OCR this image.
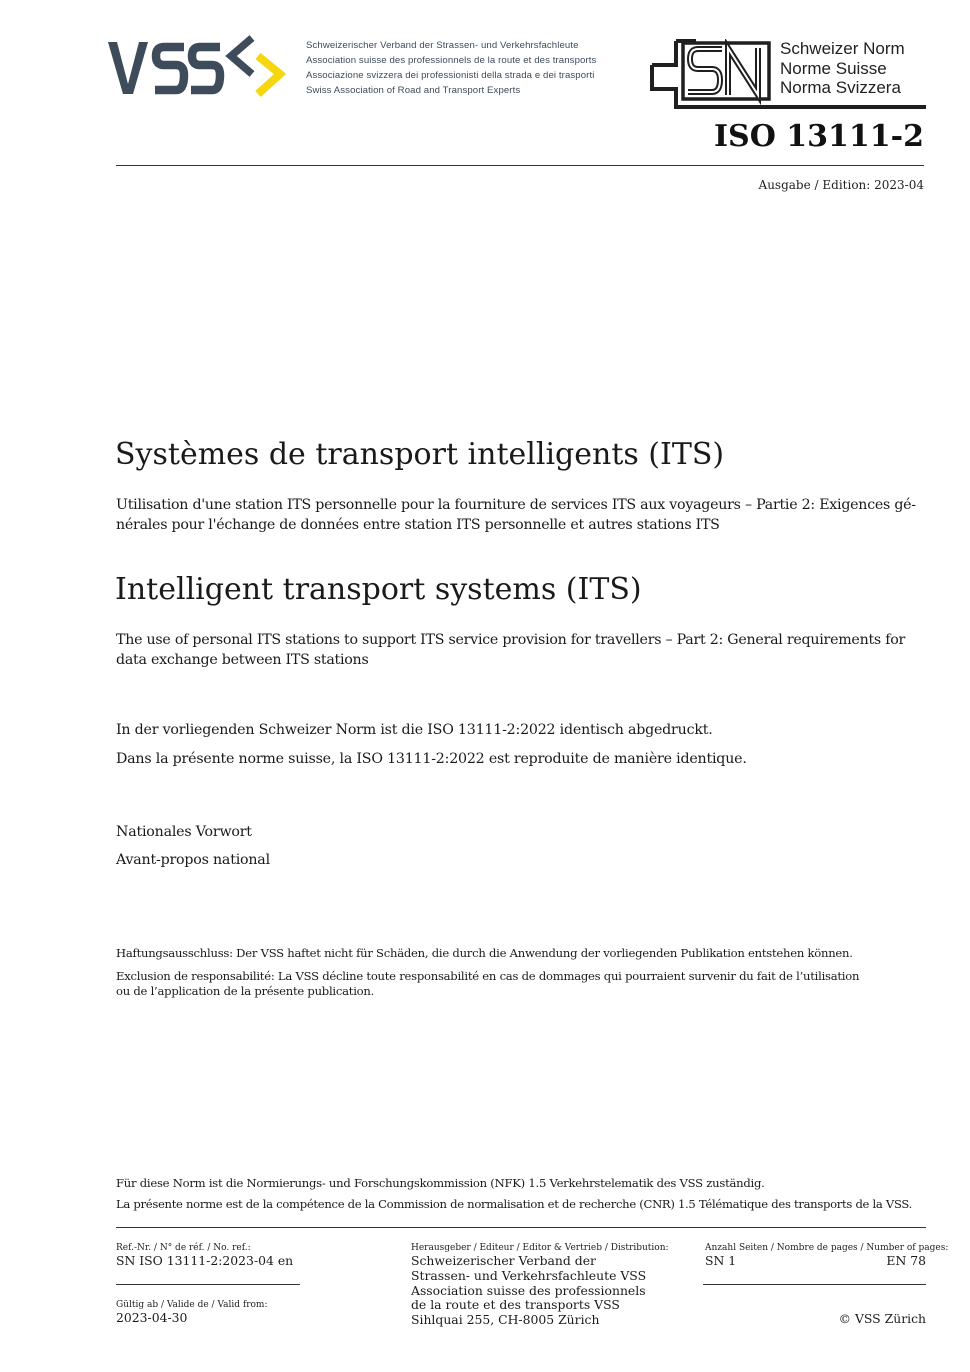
Schweizerischer Verband der Strassen- und Verkehrsfachleute
Association suisse des professionnels de la route et des transports
Associazione svizzera dei professionisti della strada e dei trasporti
Swiss Association of Road and Transport Experts
Schweizer Norm
Norme Suisse
Norma Svizzera
ISO 13111-2
Ausgabe / Edition: 2023-04
Systèmes de transport intelligents (ITS)
Utilisation d'une station ITS personnelle pour la fourniture de services ITS aux voyageurs – Partie 2: Exigences gé-
nérales pour l'échange de données entre station ITS personnelle et autres stations ITS
Intelligent transport systems (ITS)
The use of personal ITS stations to support ITS service provision for travellers – Part 2: General requirements for
data exchange between ITS stations
In der vorliegenden Schweizer Norm ist die ISO 13111-2:2022 identisch abgedruckt.
Dans la présente norme suisse, la ISO 13111-2:2022 est reproduite de manière identique.
Nationales Vorwort
Avant-propos national
Haftungsausschluss: Der VSS haftet nicht für Schäden, die durch die Anwendung der vorliegenden Publikation entstehen können.
Exclusion de responsabilité: La VSS décline toute responsabilité en cas de dommages qui pourraient survenir du fait de l’utilisation
ou de l’application de la présente publication.
Für diese Norm ist die Normierungs- und Forschungskommission (NFK) 1.5 Verkehrstelematik des VSS zuständig.
La présente norme est de la compétence de la Commission de normalisation et de recherche (CNR) 1.5 Télématique des transports de la VSS.
Ref.-Nr. / N° de réf. / No. ref.:
SN ISO 13111-2:2023-04 en
Gültig ab / Valide de / Valid from:
2023-04-30
Herausgeber / Editeur / Editor & Vertrieb / Distribution:
Schweizerischer Verband der
Strassen- und Verkehrsfachleute VSS
Association suisse des professionnels
de la route et des transports VSS
Sihlquai 255, CH-8005 Zürich
Anzahl Seiten / Nombre de pages / Number of pages:
SN 1	EN 78
© VSS Zürich
